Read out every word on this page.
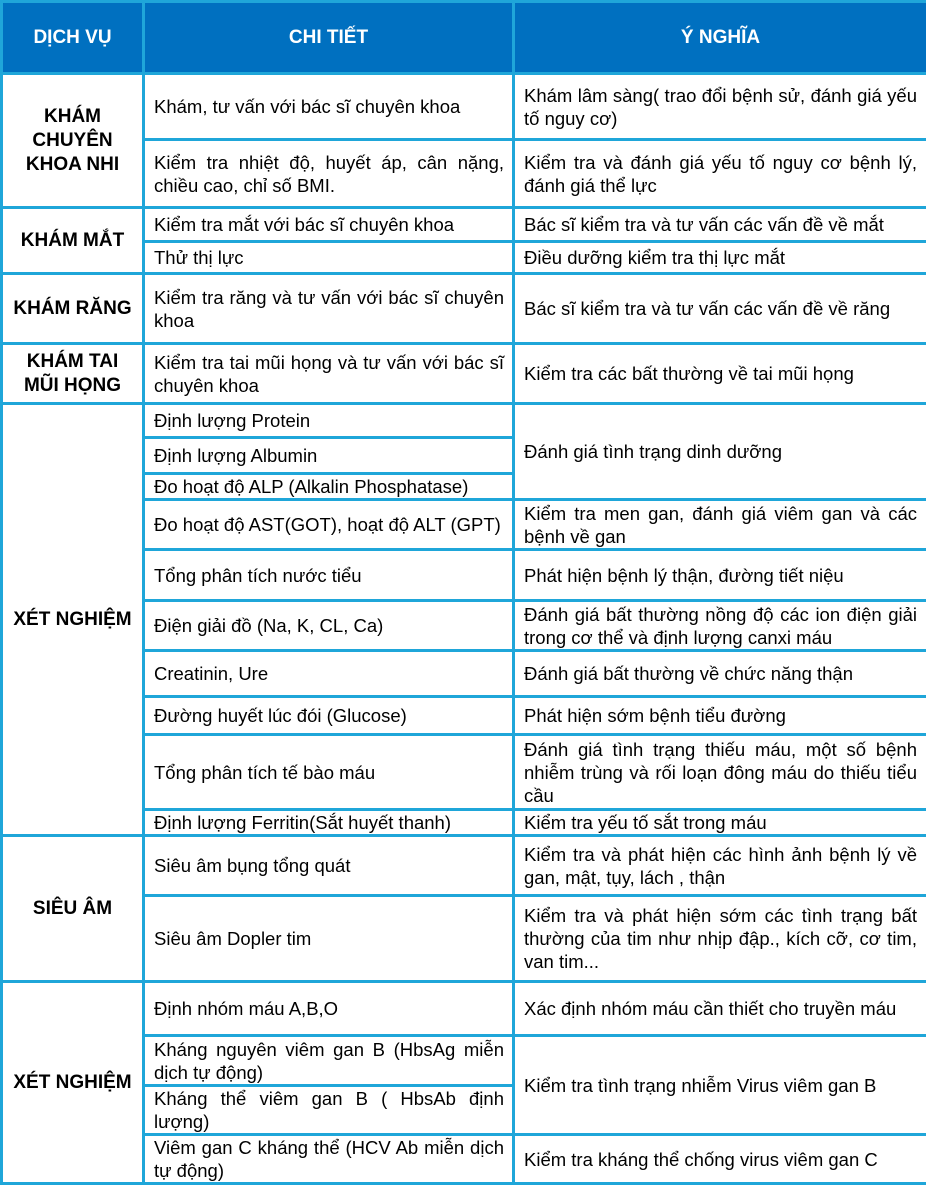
DỊCH VỤ	CHI TIẾT	Ý NGHĨA
KHÁM CHUYÊN KHOA NHI	Khám, tư vấn với bác sĩ chuyên khoa	Khám lâm sàng( trao đổi bệnh sử, đánh giá yếu tố nguy cơ)
	Kiểm tra nhiệt độ, huyết áp, cân nặng, chiều cao, chỉ số BMI.	Kiểm tra và đánh giá yếu tố nguy cơ bệnh lý, đánh giá thể lực
KHÁM MẮT	Kiểm tra mắt với bác sĩ chuyên khoa	Bác sĩ kiểm tra và tư vấn các vấn đề về mắt
	Thử thị lực	Điều dưỡng kiểm tra thị lực mắt
KHÁM RĂNG	Kiểm tra răng và tư vấn với bác sĩ chuyên khoa	Bác sĩ kiểm tra và tư vấn các vấn đề về răng
KHÁM TAI MŨI HỌNG	Kiểm tra tai mũi họng và tư vấn với bác sĩ chuyên khoa	Kiểm tra các bất thường về tai mũi họng
XÉT NGHIỆM	Định lượng Protein	Đánh giá tình trạng dinh dưỡng
	Định lượng Albumin	
	Đo hoạt độ ALP (Alkalin Phosphatase)	
	Đo hoạt độ AST(GOT), hoạt độ ALT (GPT)	Kiểm tra men gan, đánh giá viêm gan và các bệnh về gan
	Tổng phân tích nước tiểu	Phát hiện bệnh lý thận, đường tiết niệu
	Điện giải đồ (Na, K, CL, Ca)	Đánh giá bất thường nồng độ các ion điện giải trong cơ thể và định lượng canxi máu
	Creatinin, Ure	Đánh giá bất thường về chức năng thận
	Đường huyết lúc đói (Glucose)	Phát hiện sớm bệnh tiểu đường
	Tổng phân tích tế bào máu	Đánh giá tình trạng thiếu máu, một số bệnh nhiễm trùng và rối loạn đông máu do thiếu tiểu cầu
	Định lượng Ferritin(Sắt huyết thanh)	Kiểm tra yếu tố sắt trong máu
SIÊU ÂM	Siêu âm bụng tổng quát	Kiểm tra và phát hiện các hình ảnh bệnh lý về gan, mật, tụy, lách , thận
	Siêu âm Dopler tim	Kiểm tra và phát hiện sớm các tình trạng bất thường của tim như nhịp đập., kích cỡ, cơ tim, van tim...
XÉT NGHIỆM	Định nhóm máu A,B,O	Xác định nhóm máu cần thiết cho truyền máu
	Kháng nguyên viêm gan B (HbsAg miễn dịch tự động)	Kiểm tra tình trạng nhiễm Virus viêm gan B
	Kháng thể viêm gan B ( HbsAb định lượng)	
	Viêm gan C kháng thể (HCV Ab miễn dịch tự động)	Kiểm tra kháng thể chống virus viêm gan C
